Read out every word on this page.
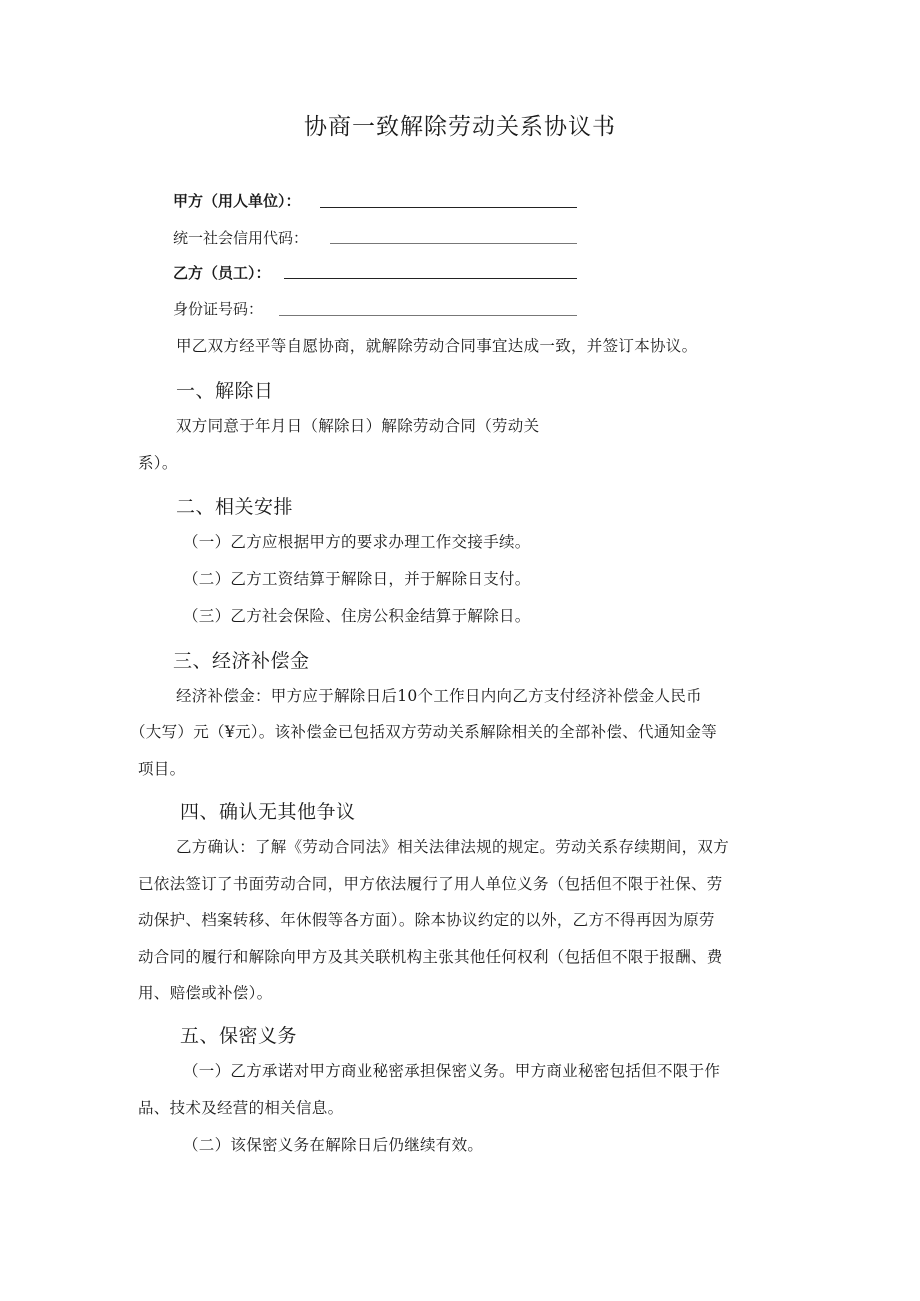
协商一致解除劳动关系协议书
甲方（用人单位）：
统一社会信用代码：
乙方（员工）：
身份证号码：
甲乙双方经平等自愿协商，就解除劳动合同事宜达成一致，并签订本协议。
一、解除日
双方同意于年月日（解除日）解除劳动合同（劳动关
系）。
二、相关安排
（一）乙方应根据甲方的要求办理工作交接手续。
（二）乙方工资结算于解除日，并于解除日支付。
（三）乙方社会保险、住房公积金结算于解除日。
三、经济补偿金
经济补偿金：甲方应于解除日后10个工作日内向乙方支付经济补偿金人民币
（大写）元（¥元）。该补偿金已包括双方劳动关系解除相关的全部补偿、代通知金等
项目。
四、确认无其他争议
乙方确认：了解《劳动合同法》相关法律法规的规定。劳动关系存续期间，双方
已依法签订了书面劳动合同，甲方依法履行了用人单位义务（包括但不限于社保、劳
动保护、档案转移、年休假等各方面）。除本协议约定的以外，乙方不得再因为原劳
动合同的履行和解除向甲方及其关联机构主张其他任何权利（包括但不限于报酬、费
用、赔偿或补偿）。
五、保密义务
（一）乙方承诺对甲方商业秘密承担保密义务。甲方商业秘密包括但不限于作
品、技术及经营的相关信息。
（二）该保密义务在解除日后仍继续有效。
